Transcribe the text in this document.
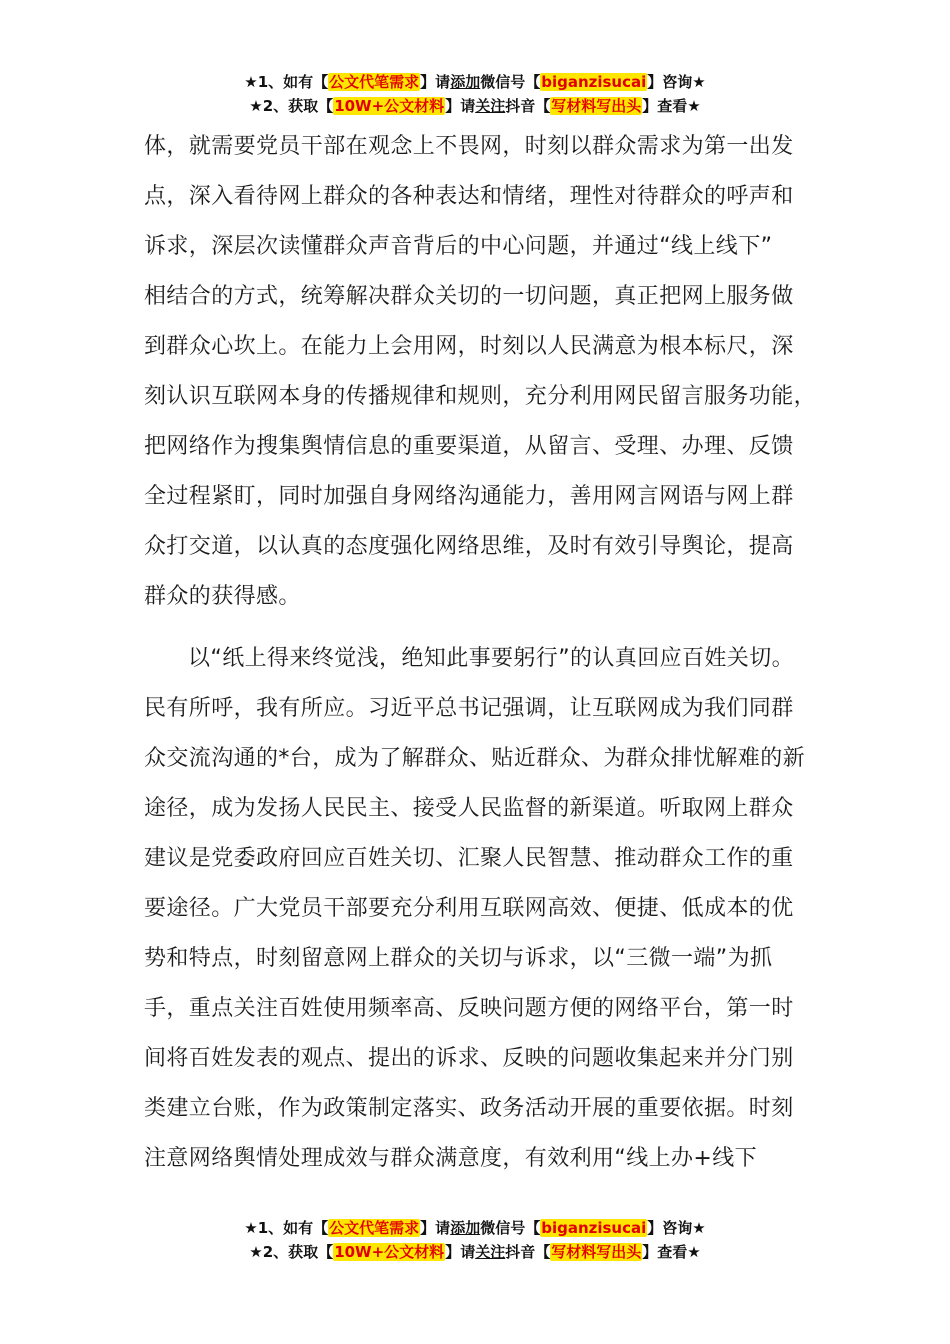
★1、如有【公文代笔需求】请添加微信号【biganzisucai】咨询★
★2、获取【10W+公文材料】请关注抖音【写材料写出头】查看★

体，就需要党员干部在观念上不畏网，时刻以群众需求为第一出发
点，深入看待网上群众的各种表达和情绪，理性对待群众的呼声和
诉求，深层次读懂群众声音背后的中心问题，并通过“线上线下”
相结合的方式，统筹解决群众关切的一切问题，真正把网上服务做
到群众心坎上。在能力上会用网，时刻以人民满意为根本标尺，深
刻认识互联网本身的传播规律和规则，充分利用网民留言服务功能，
把网络作为搜集舆情信息的重要渠道，从留言、受理、办理、反馈
全过程紧盯，同时加强自身网络沟通能力，善用网言网语与网上群
众打交道，以认真的态度强化网络思维，及时有效引导舆论，提高
群众的获得感。

以“纸上得来终觉浅，绝知此事要躬行”的认真回应百姓关切。
民有所呼，我有所应。习近平总书记强调，让互联网成为我们同群
众交流沟通的*台，成为了解群众、贴近群众、为群众排忧解难的新
途径，成为发扬人民民主、接受人民监督的新渠道。听取网上群众
建议是党委政府回应百姓关切、汇聚人民智慧、推动群众工作的重
要途径。广大党员干部要充分利用互联网高效、便捷、低成本的优
势和特点，时刻留意网上群众的关切与诉求，以“三微一端”为抓
手，重点关注百姓使用频率高、反映问题方便的网络平台，第一时
间将百姓发表的观点、提出的诉求、反映的问题收集起来并分门别
类建立台账，作为政策制定落实、政务活动开展的重要依据。时刻
注意网络舆情处理成效与群众满意度，有效利用“线上办+线下

★1、如有【公文代笔需求】请添加微信号【biganzisucai】咨询★
★2、获取【10W+公文材料】请关注抖音【写材料写出头】查看★
